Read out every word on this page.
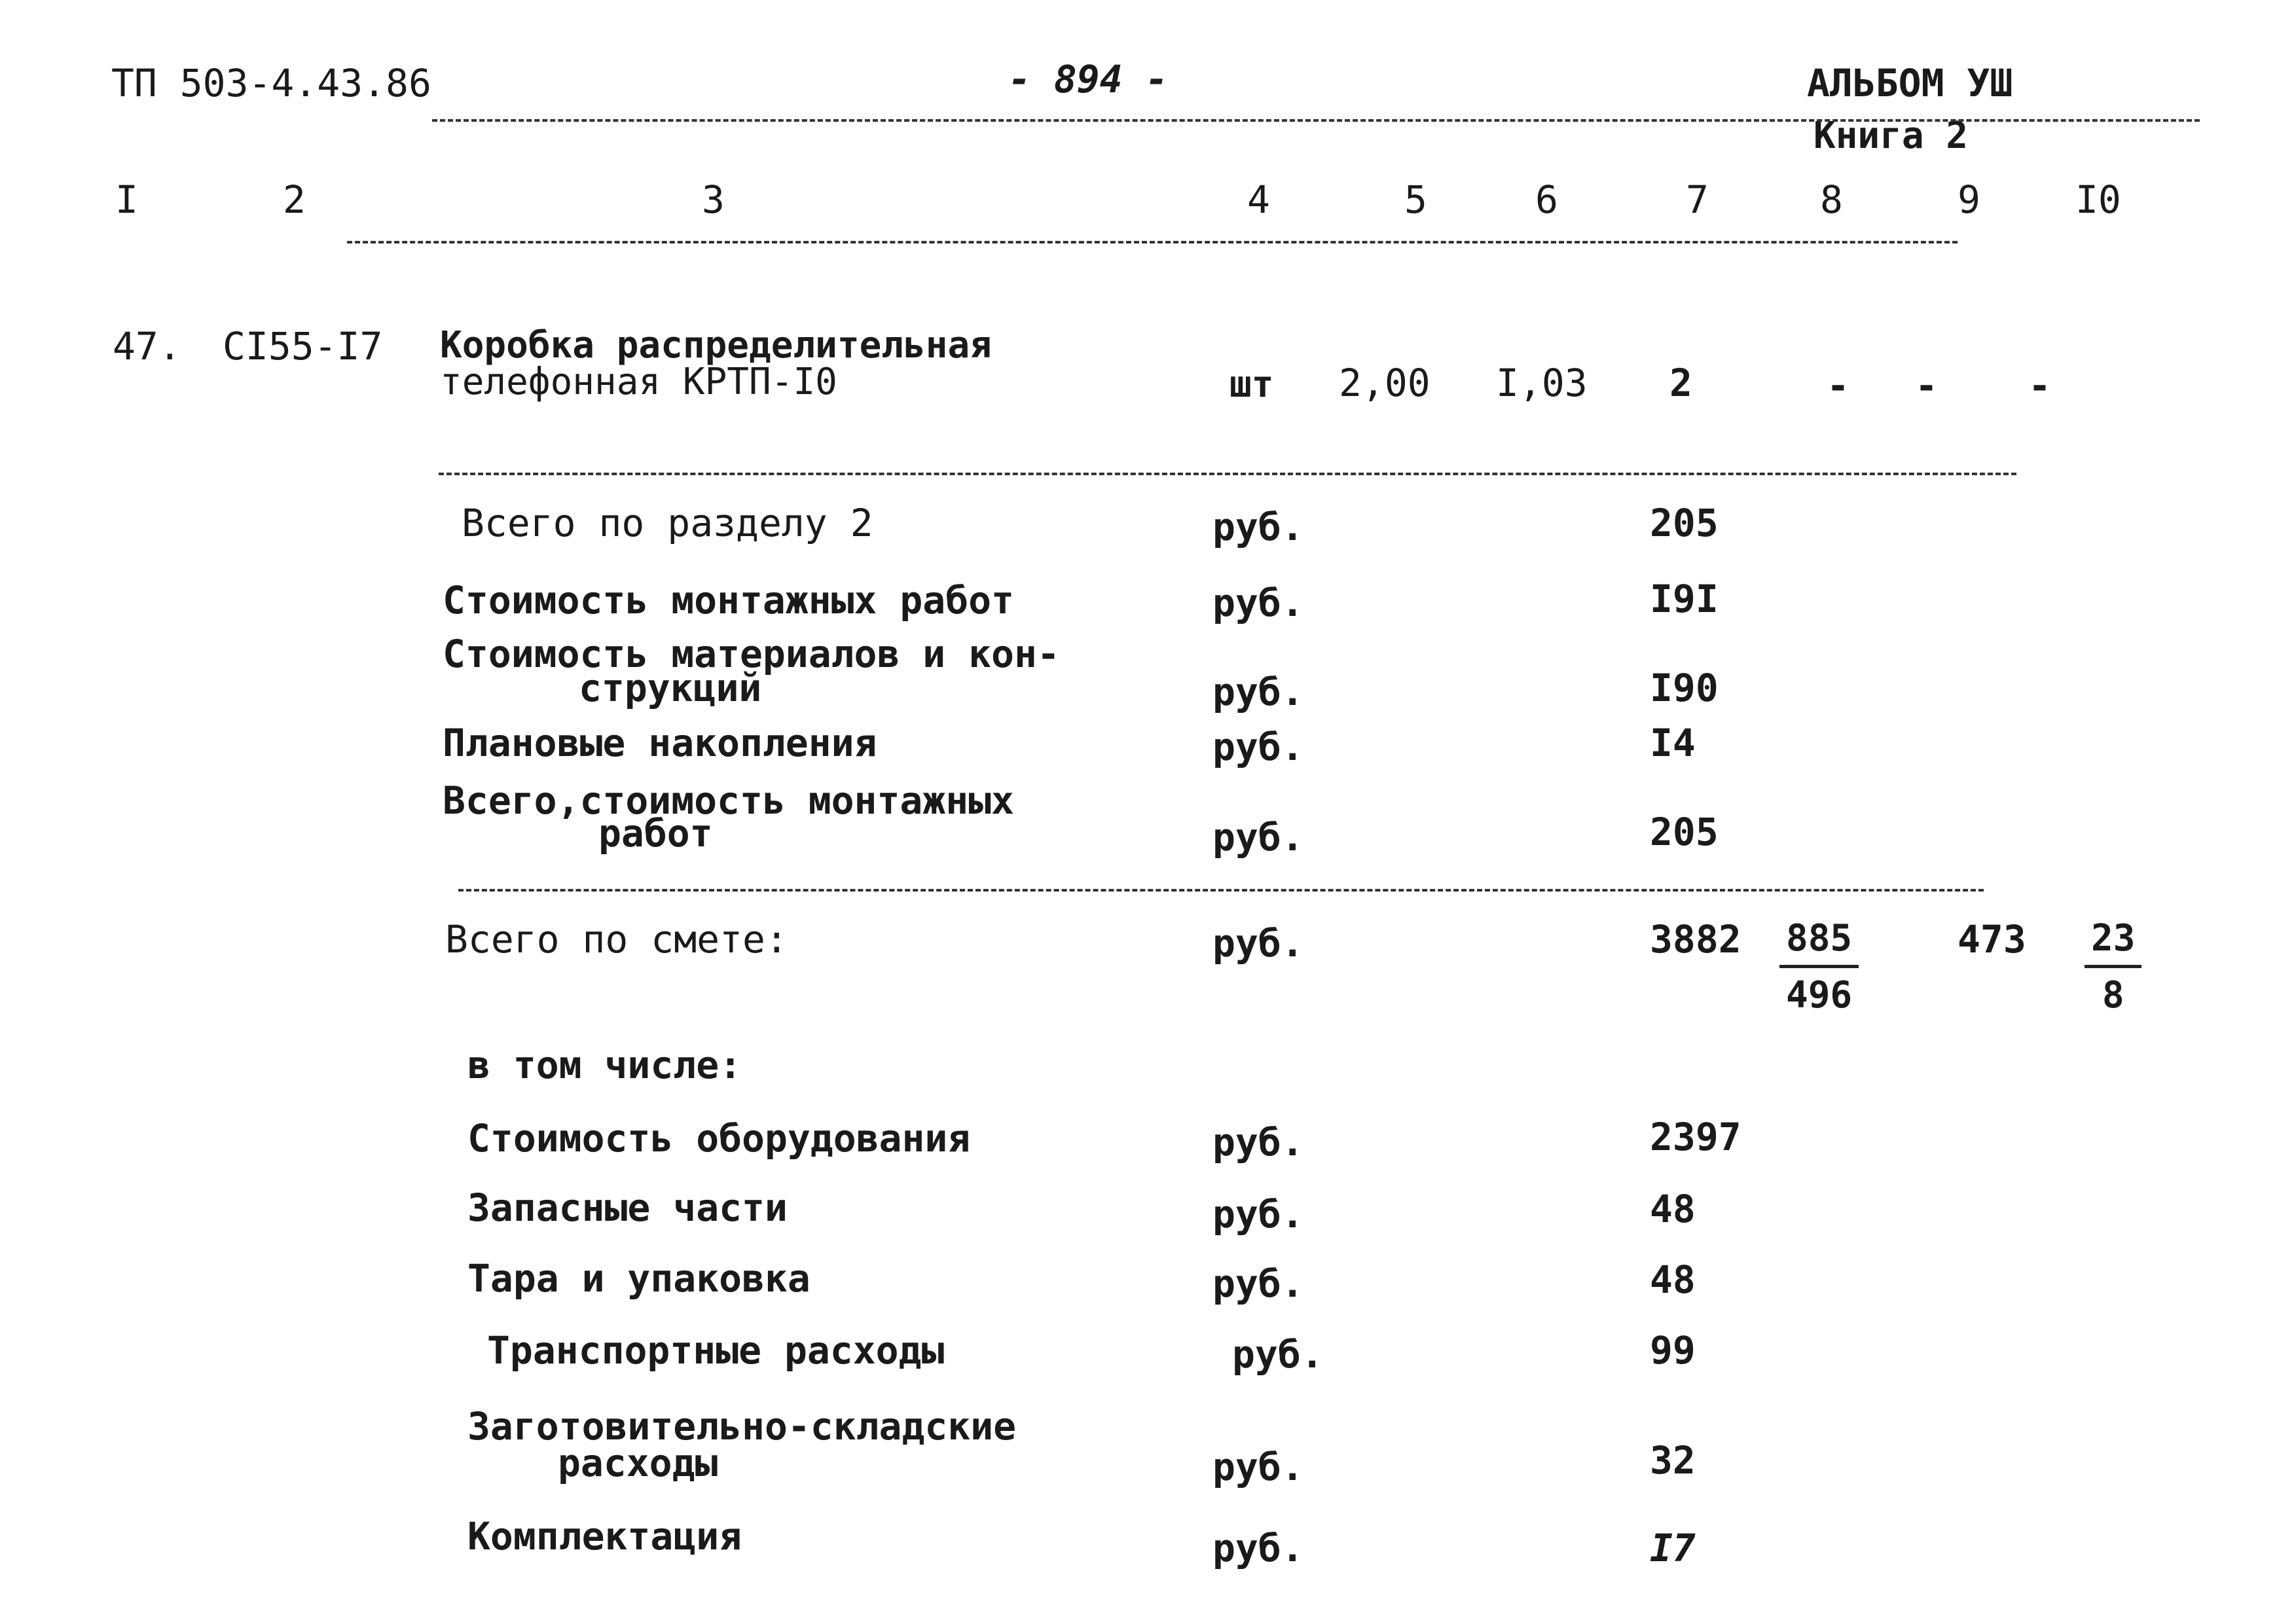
ТП 503-4.43.86	- 894 -	АЛЬБОМ УШ
Книга 2
I	2	3	4	5	6	7	8	9	I0
47. CI55-I7 Коробка распределительная
телефонная КРТП-I0	шт 2,00 I,03 2	- - -
Всего по разделу 2	руб.	205
Стоимость монтажных работ	руб.	I9I
Стоимость материалов и кон-
струкций	руб.	I90
Плановые накопления	руб.	I4
Всего,стоимость монтажных
работ	руб.	205
Всего по смете:	руб.	$3882 \frac{885}{496}$	$473 \frac{23}{8}$
в том числе:
Стоимость оборудования	руб.	2397
Запасные части	руб.	48
Тара и упаковка	руб.	48
Транспортные расходы	руб.	99
Заготовительно-складские
расходы	руб.	32
Комплектация	руб.	I7
